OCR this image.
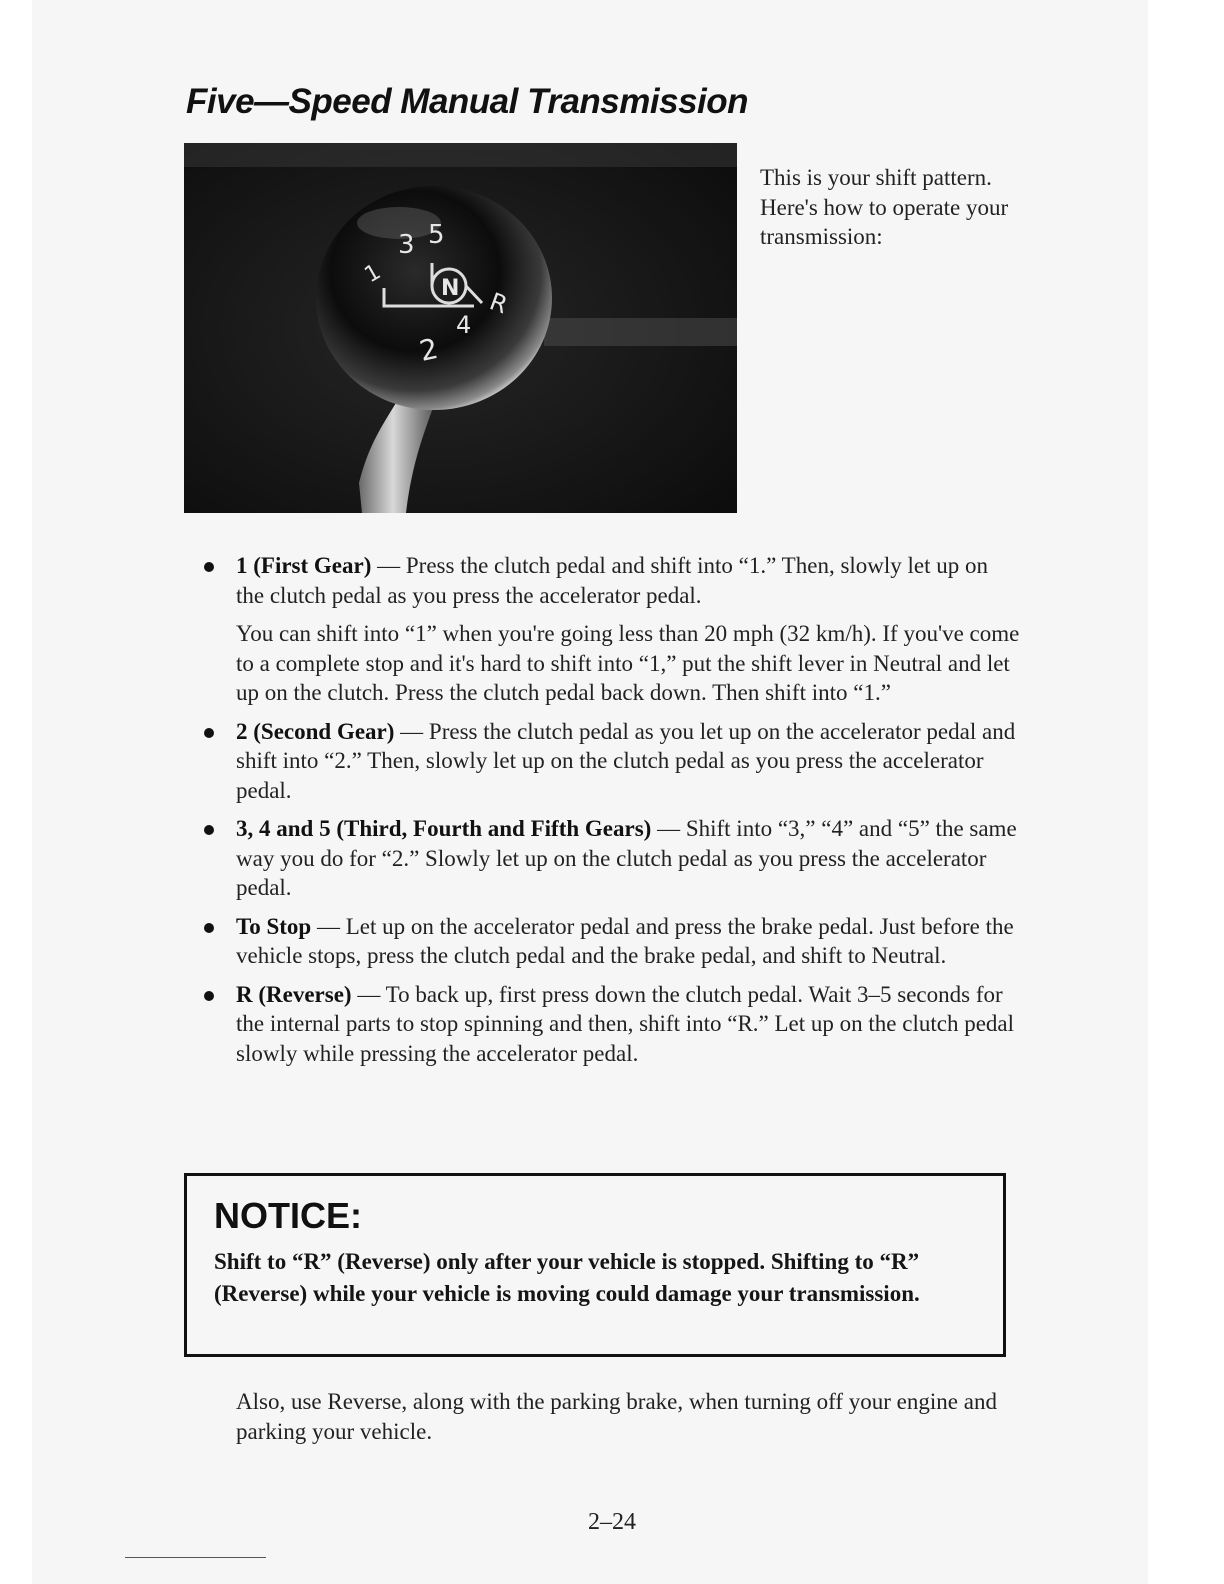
Five—Speed Manual Transmission
1
3 5
N R
2
4

This is your shift pattern. Here's how to operate your transmission:

1 (First Gear) — Press the clutch pedal and shift into “1.” Then, slowly let up on the clutch pedal as you press the accelerator pedal.

You can shift into “1” when you're going less than 20 mph (32 km/h). If you've come to a complete stop and it's hard to shift into “1,” put the shift lever in Neutral and let up on the clutch. Press the clutch pedal back down. Then shift into “1.”

2 (Second Gear) — Press the clutch pedal as you let up on the accelerator pedal and shift into “2.” Then, slowly let up on the clutch pedal as you press the accelerator pedal.

3, 4 and 5 (Third, Fourth and Fifth Gears) — Shift into “3,” “4” and “5” the same way you do for “2.” Slowly let up on the clutch pedal as you press the accelerator pedal.

To Stop — Let up on the accelerator pedal and press the brake pedal. Just before the vehicle stops, press the clutch pedal and the brake pedal, and shift to Neutral.

R (Reverse) — To back up, first press down the clutch pedal. Wait 3–5 seconds for the internal parts to stop spinning and then, shift into “R.” Let up on the clutch pedal slowly while pressing the accelerator pedal.

NOTICE:

Shift to “R” (Reverse) only after your vehicle is stopped. Shifting to “R” (Reverse) while your vehicle is moving could damage your transmission.

Also, use Reverse, along with the parking brake, when turning off your engine and parking your vehicle.

2–24
